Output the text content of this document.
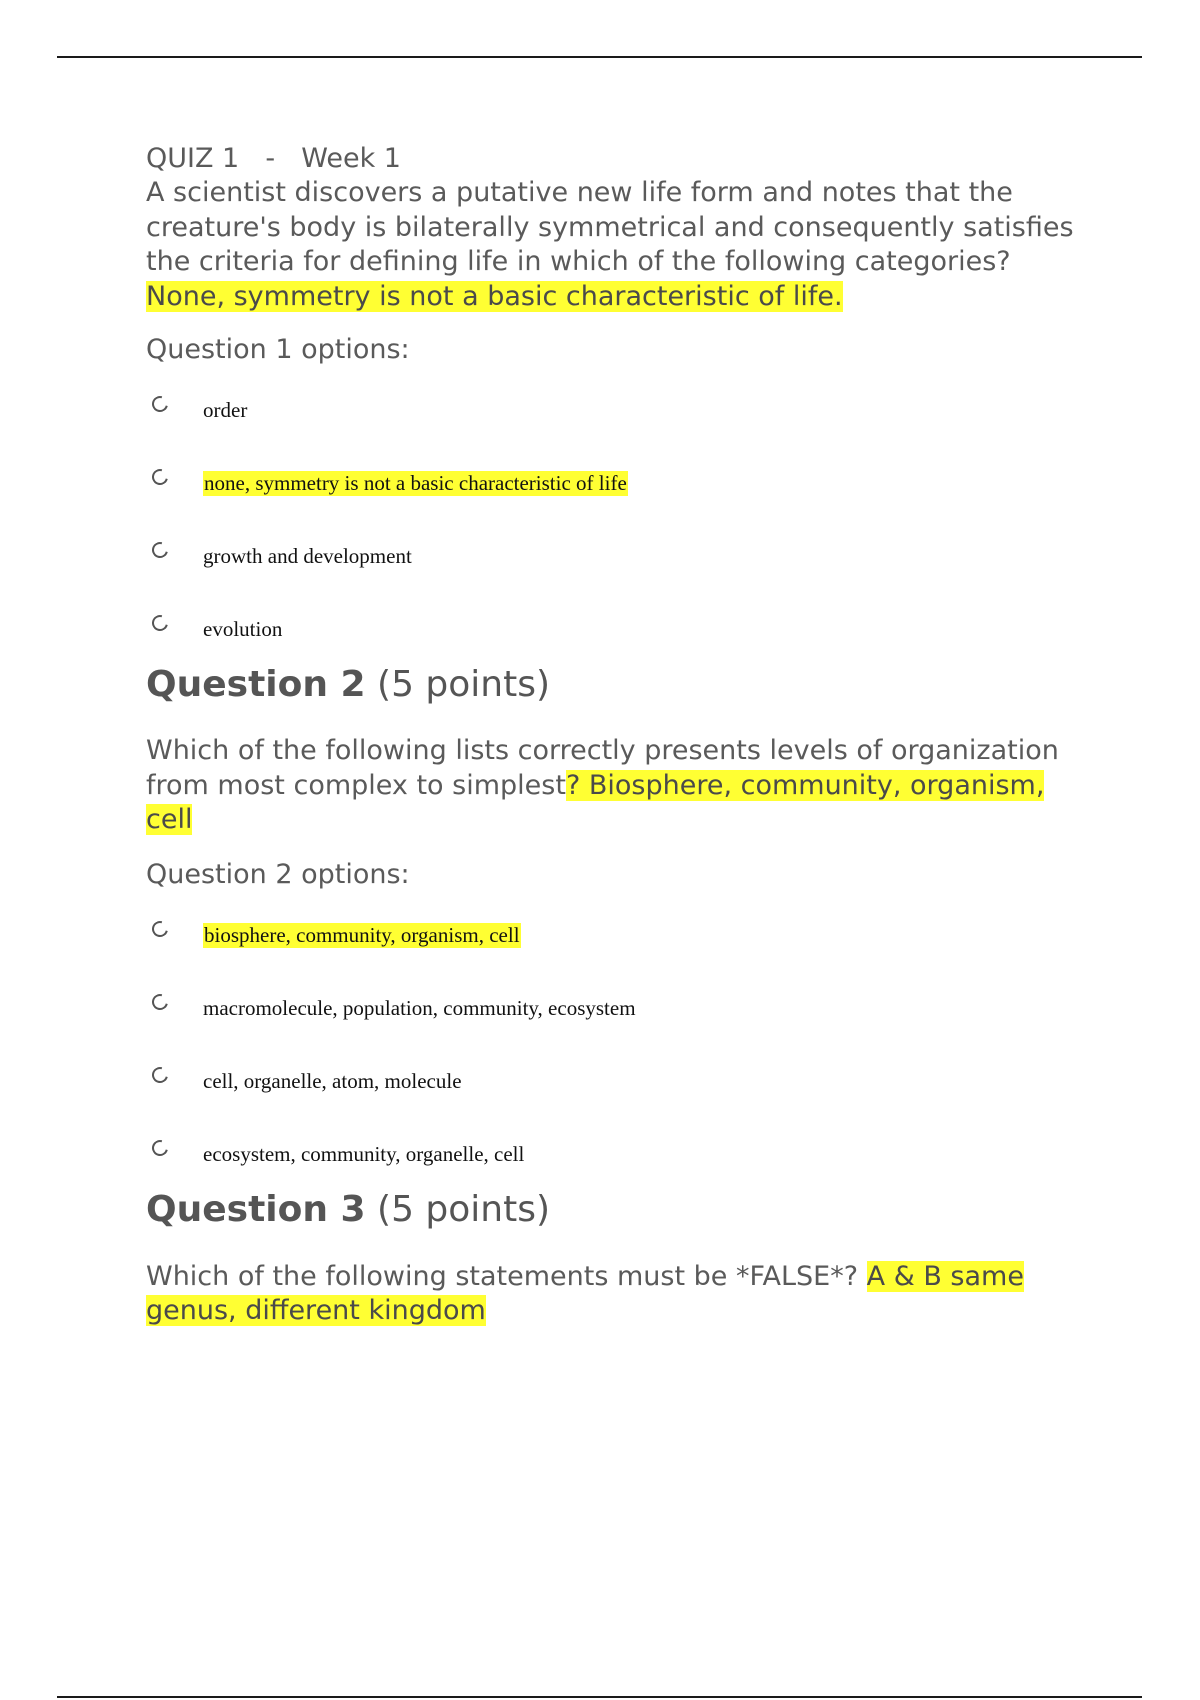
QUIZ 1 - Week 1

A scientist discovers a putative new life form and notes that the creature's body is bilaterally symmetrical and consequently satisfies the criteria for defining life in which of the following categories? None, symmetry is not a basic characteristic of life.

Question 1 options:

order
none, symmetry is not a basic characteristic of life
growth and development
evolution

Question 2 (5 points)

Which of the following lists correctly presents levels of organization from most complex to simplest? Biosphere, community, organism, cell

Question 2 options:

biosphere, community, organism, cell
macromolecule, population, community, ecosystem
cell, organelle, atom, molecule
ecosystem, community, organelle, cell

Question 3 (5 points)

Which of the following statements must be *FALSE*? A & B same genus, different kingdom
